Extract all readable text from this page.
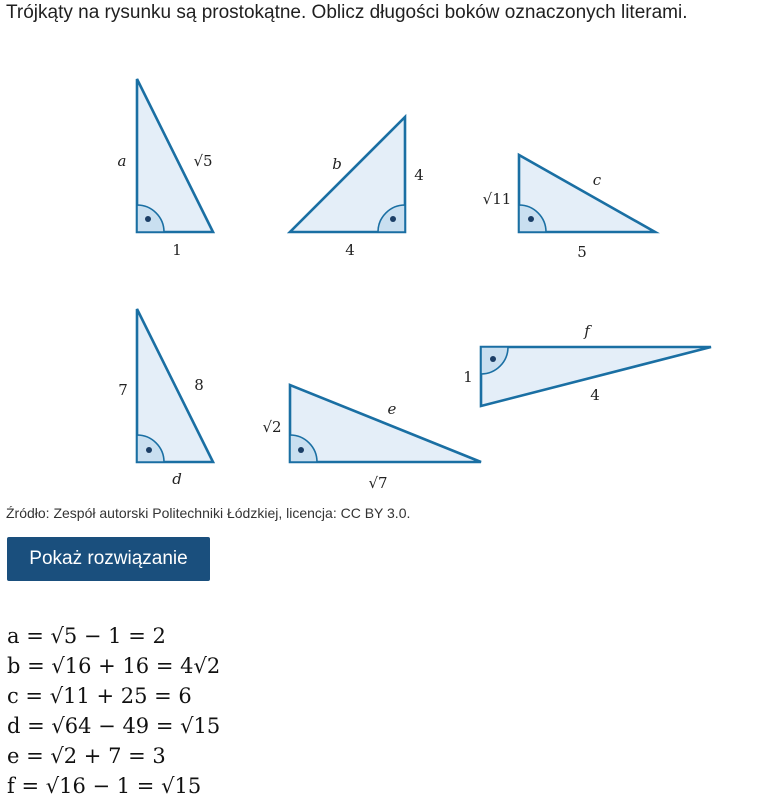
Trójkąty na rysunku są prostokątne. Oblicz długości boków oznaczonych literami.
a	√5
1
b
4
4
√11
c
5
7	8
d
√2
e
√7
f
1
4
Źródło: Zespół autorski Politechniki Łódzkiej, licencja: CC BY 3.0.
Pokaż rozwiązanie
a = √5 − 1 = 2
b = √16 + 16 = 4√2
c = √11 + 25 = 6
d = √64 − 49 = √15
e = √2 + 7 = 3
f = √16 − 1 = √15
